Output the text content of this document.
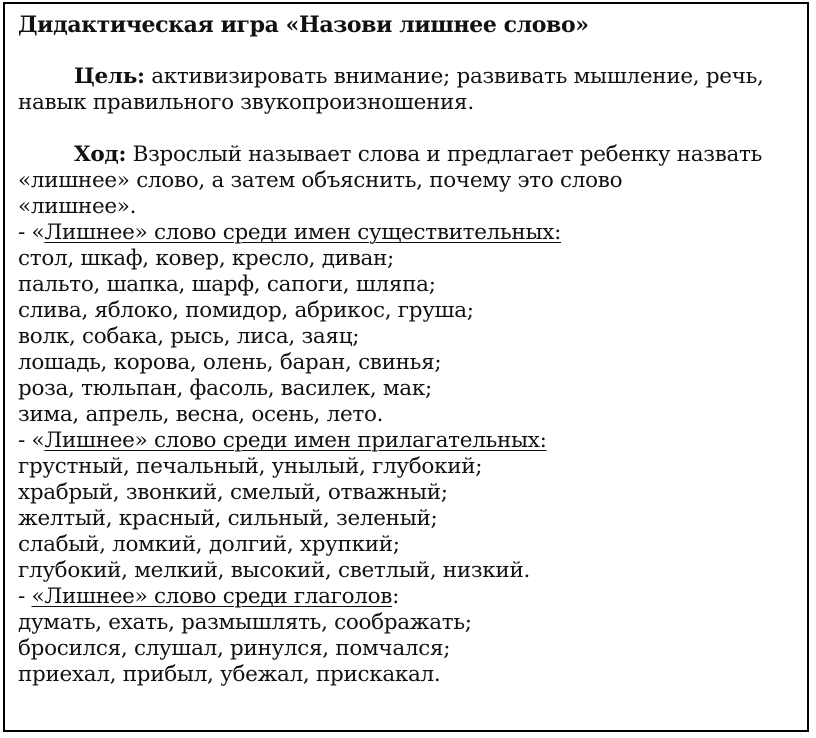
Дидактическая игра «Назови лишнее слово»

Цель: активизировать внимание; развивать мышление, речь,
навык правильного звукопроизношения.

Ход: Взрослый называет слова и предлагает ребенку назвать
«лишнее» слово, а затем объяснить, почему это слово
«лишнее».

- «Лишнее» слово среди имен существительных:
стол, шкаф, ковер, кресло, диван;
пальто, шапка, шарф, сапоги, шляпа;
слива, яблоко, помидор, абрикос, груша;
волк, собака, рысь, лиса, заяц;
лошадь, корова, олень, баран, свинья;
роза, тюльпан, фасоль, василек, мак;
зима, апрель, весна, осень, лето.
- «Лишнее» слово среди имен прилагательных:
грустный, печальный, унылый, глубокий;
храбрый, звонкий, смелый, отважный;
желтый, красный, сильный, зеленый;
слабый, ломкий, долгий, хрупкий;
глубокий, мелкий, высокий, светлый, низкий.
- «Лишнее» слово среди глаголов:
думать, ехать, размышлять, соображать;
бросился, слушал, ринулся, помчался;
приехал, прибыл, убежал, прискакал.
